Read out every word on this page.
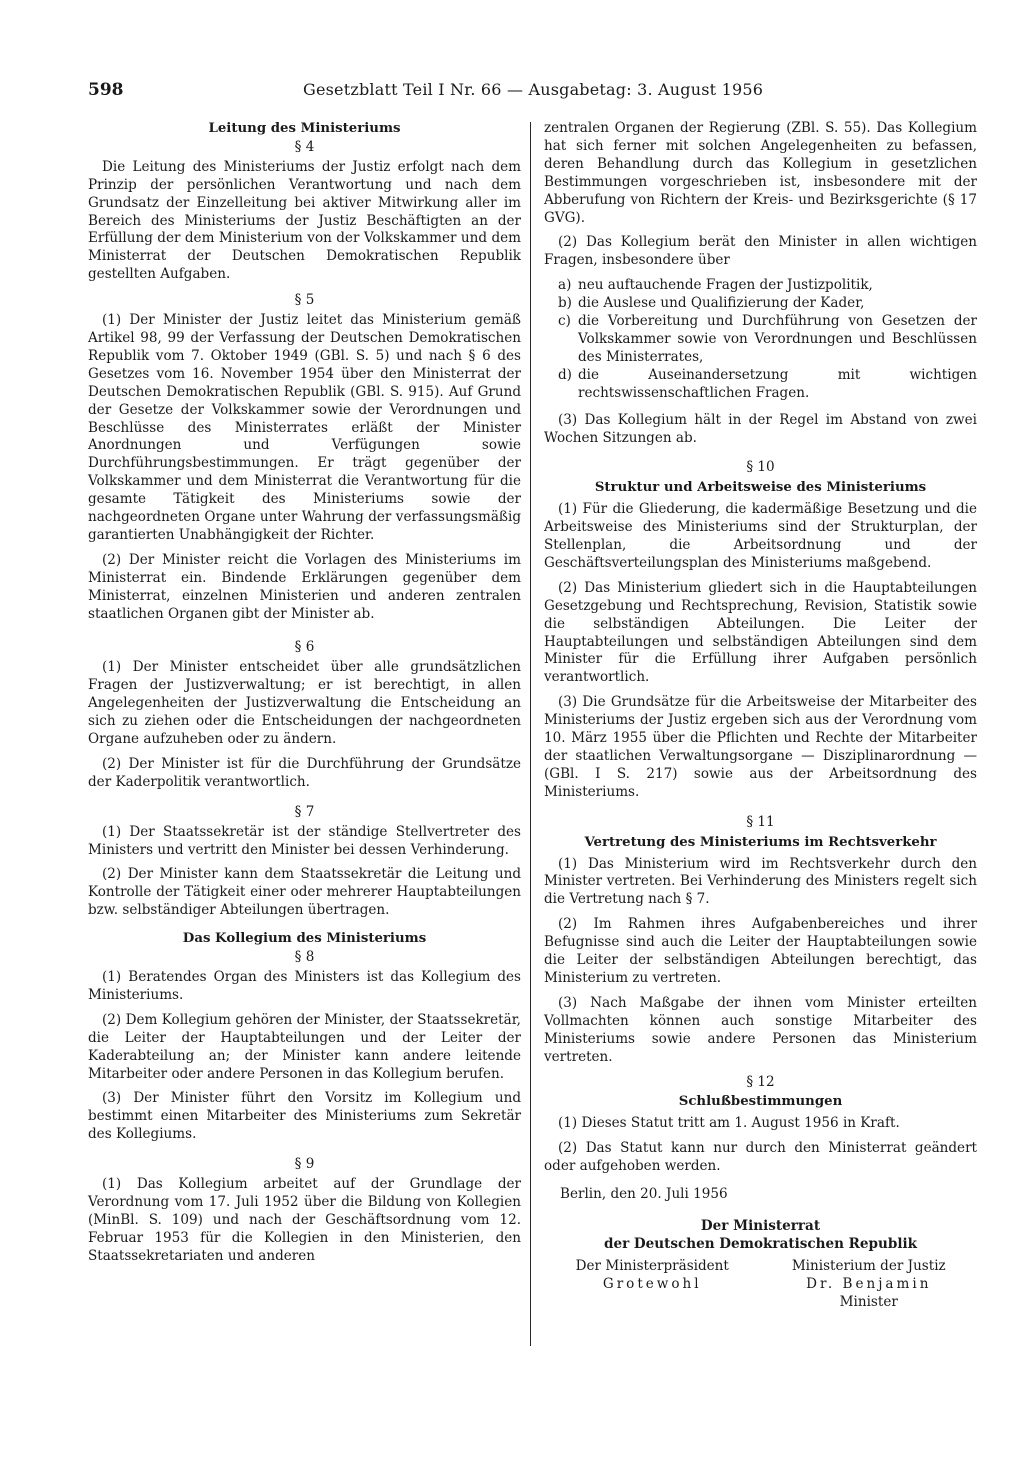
598	Gesetzblatt Teil I Nr. 66 — Ausgabetag: 3. August 1956

Leitung des Ministeriums

§ 4

Die Leitung des Ministeriums der Justiz erfolgt nach dem Prinzip der persönlichen Verantwortung und nach dem Grundsatz der Einzelleitung bei aktiver Mitwirkung aller im Bereich des Ministeriums der Justiz Beschäftigten an der Erfüllung der dem Ministerium von der Volkskammer und dem Ministerrat der Deutschen Demokratischen Republik gestellten Aufgaben.

§ 5

(1) Der Minister der Justiz leitet das Ministerium gemäß Artikel 98, 99 der Verfassung der Deutschen Demokratischen Republik vom 7. Oktober 1949 (GBl. S. 5) und nach § 6 des Gesetzes vom 16. November 1954 über den Ministerrat der Deutschen Demokratischen Republik (GBl. S. 915). Auf Grund der Gesetze der Volkskammer sowie der Verordnungen und Beschlüsse des Ministerrates erläßt der Minister Anordnungen und Verfügungen sowie Durchführungsbestimmungen. Er trägt gegenüber der Volkskammer und dem Ministerrat die Verantwortung für die gesamte Tätigkeit des Ministeriums sowie der nachgeordneten Organe unter Wahrung der verfassungsmäßig garantierten Unabhängigkeit der Richter.

(2) Der Minister reicht die Vorlagen des Ministeriums im Ministerrat ein. Bindende Erklärungen gegenüber dem Ministerrat, einzelnen Ministerien und anderen zentralen staatlichen Organen gibt der Minister ab.

§ 6

(1) Der Minister entscheidet über alle grundsätzlichen Fragen der Justizverwaltung; er ist berechtigt, in allen Angelegenheiten der Justizverwaltung die Entscheidung an sich zu ziehen oder die Entscheidungen der nachgeordneten Organe aufzuheben oder zu ändern.

(2) Der Minister ist für die Durchführung der Grundsätze der Kaderpolitik verantwortlich.

§ 7

(1) Der Staatssekretär ist der ständige Stellvertreter des Ministers und vertritt den Minister bei dessen Verhinderung.

(2) Der Minister kann dem Staatssekretär die Leitung und Kontrolle der Tätigkeit einer oder mehrerer Hauptabteilungen bzw. selbständiger Abteilungen übertragen.

Das Kollegium des Ministeriums

§ 8

(1) Beratendes Organ des Ministers ist das Kollegium des Ministeriums.

(2) Dem Kollegium gehören der Minister, der Staatssekretär, die Leiter der Hauptabteilungen und der Leiter der Kaderabteilung an; der Minister kann andere leitende Mitarbeiter oder andere Personen in das Kollegium berufen.

(3) Der Minister führt den Vorsitz im Kollegium und bestimmt einen Mitarbeiter des Ministeriums zum Sekretär des Kollegiums.

§ 9

(1) Das Kollegium arbeitet auf der Grundlage der Verordnung vom 17. Juli 1952 über die Bildung von Kollegien (MinBl. S. 109) und nach der Geschäftsordnung vom 12. Februar 1953 für die Kollegien in den Ministerien, den Staatssekretariaten und anderen

zentralen Organen der Regierung (ZBl. S. 55). Das Kollegium hat sich ferner mit solchen Angelegenheiten zu befassen, deren Behandlung durch das Kollegium in gesetzlichen Bestimmungen vorgeschrieben ist, insbesondere mit der Abberufung von Richtern der Kreis- und Bezirksgerichte (§ 17 GVG).

(2) Das Kollegium berät den Minister in allen wichtigen Fragen, insbesondere über

a) neu auftauchende Fragen der Justizpolitik,
b) die Auslese und Qualifizierung der Kader,
c) die Vorbereitung und Durchführung von Gesetzen der Volkskammer sowie von Verordnungen und Beschlüssen des Ministerrates,
d) die Auseinandersetzung mit wichtigen rechtswissenschaftlichen Fragen.

(3) Das Kollegium hält in der Regel im Abstand von zwei Wochen Sitzungen ab.

§ 10

Struktur und Arbeitsweise des Ministeriums

(1) Für die Gliederung, die kadermäßige Besetzung und die Arbeitsweise des Ministeriums sind der Strukturplan, der Stellenplan, die Arbeitsordnung und der Geschäftsverteilungsplan des Ministeriums maßgebend.

(2) Das Ministerium gliedert sich in die Hauptabteilungen Gesetzgebung und Rechtsprechung, Revision, Statistik sowie die selbständigen Abteilungen. Die Leiter der Hauptabteilungen und selbständigen Abteilungen sind dem Minister für die Erfüllung ihrer Aufgaben persönlich verantwortlich.

(3) Die Grundsätze für die Arbeitsweise der Mitarbeiter des Ministeriums der Justiz ergeben sich aus der Verordnung vom 10. März 1955 über die Pflichten und Rechte der Mitarbeiter der staatlichen Verwaltungsorgane — Disziplinarordnung — (GBl. I S. 217) sowie aus der Arbeitsordnung des Ministeriums.

§ 11

Vertretung des Ministeriums im Rechtsverkehr

(1) Das Ministerium wird im Rechtsverkehr durch den Minister vertreten. Bei Verhinderung des Ministers regelt sich die Vertretung nach § 7.

(2) Im Rahmen ihres Aufgabenbereiches und ihrer Befugnisse sind auch die Leiter der Hauptabteilungen sowie die Leiter der selbständigen Abteilungen berechtigt, das Ministerium zu vertreten.

(3) Nach Maßgabe der ihnen vom Minister erteilten Vollmachten können auch sonstige Mitarbeiter des Ministeriums sowie andere Personen das Ministerium vertreten.

§ 12

Schlußbestimmungen

(1) Dieses Statut tritt am 1. August 1956 in Kraft.

(2) Das Statut kann nur durch den Ministerrat geändert oder aufgehoben werden.

Berlin, den 20. Juli 1956

Der Ministerrat

der Deutschen Demokratischen Republik

Der Ministerpräsident
Grotewohl
Ministerium der Justiz
Dr. Benjamin
Minister
